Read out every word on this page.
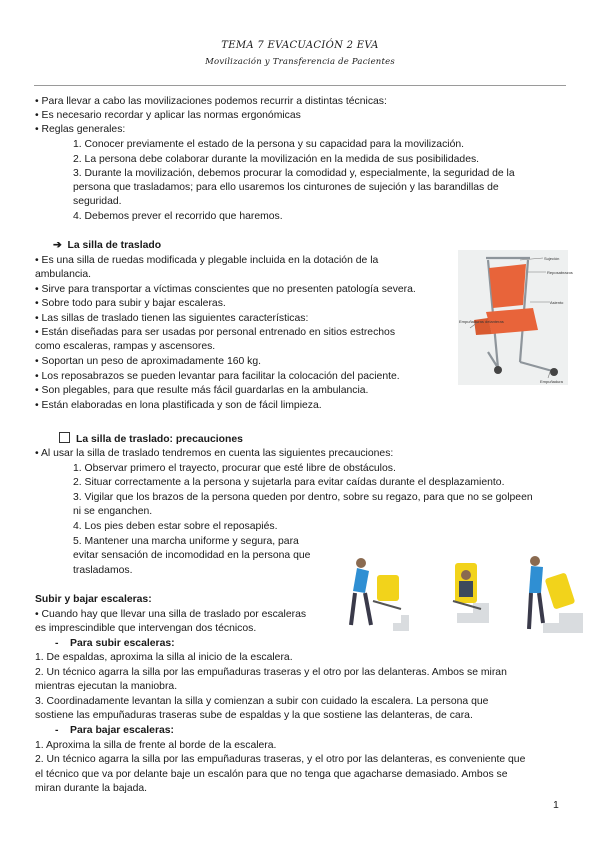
TEMA 7 EVACUACIÓN 2 EVA
Movilización y Transferencia de Pacientes
• Para llevar a cabo las movilizaciones podemos recurrir a distintas técnicas:
• Es necesario recordar y aplicar las normas ergonómicas
• Reglas generales:
1. Conocer previamente el estado de la persona y su capacidad para la movilización.
2. La persona debe colaborar durante la movilización en la medida de sus posibilidades.
3. Durante la movilización, debemos procurar la comodidad y, especialmente, la seguridad de la
persona que trasladamos; para ello usaremos los cinturones de sujeción y las barandillas de
seguridad.
4. Debemos prever el recorrido que haremos.
➔ La silla de traslado
• Es una silla de ruedas modificada y plegable incluida en la dotación de la
ambulancia.
• Sirve para transportar a víctimas conscientes que no presenten patología severa.
• Sobre todo para subir y bajar escaleras.
• Las sillas de traslado tienen las siguientes características:
• Están diseñadas para ser usadas por personal entrenado en sitios estrechos
como escaleras, rampas y ascensores.
• Soportan un peso de aproximadamente 160 kg.
• Los reposabrazos se pueden levantar para facilitar la colocación del paciente.
• Son plegables, para que resulte más fácil guardarlas en la ambulancia.
• Están elaboradas en lona plastificada y son de fácil limpieza.
Sujeción
Reposabrazos
Asiento
Empuñaduras delanteras
Empuñadura
La silla de traslado: precauciones
• Al usar la silla de traslado tendremos en cuenta las siguientes precauciones:
1. Observar primero el trayecto, procurar que esté libre de obstáculos.
2. Situar correctamente a la persona y sujetarla para evitar caídas durante el desplazamiento.
3. Vigilar que los brazos de la persona queden por dentro, sobre su regazo, para que no se golpeen
ni se enganchen.
4. Los pies deben estar sobre el reposapiés.
5. Mantener una marcha uniforme y segura, para
evitar sensación de incomodidad en la persona que
trasladamos.
Subir y bajar escaleras:
• Cuando hay que llevar una silla de traslado por escaleras
es imprescindible que intervengan dos técnicos.
- Para subir escaleras:
1. De espaldas, aproxima la silla al inicio de la escalera.
2. Un técnico agarra la silla por las empuñaduras traseras y el otro por las delanteras. Ambos se miran
mientras ejecutan la maniobra.
3. Coordinadamente levantan la silla y comienzan a subir con cuidado la escalera. La persona que
sostiene las empuñaduras traseras sube de espaldas y la que sostiene las delanteras, de cara.
- Para bajar escaleras:
1. Aproxima la silla de frente al borde de la escalera.
2. Un técnico agarra la silla por las empuñaduras traseras, y el otro por las delanteras, es conveniente que
el técnico que va por delante baje un escalón para que no tenga que agacharse demasiado. Ambos se
miran durante la bajada.
1
